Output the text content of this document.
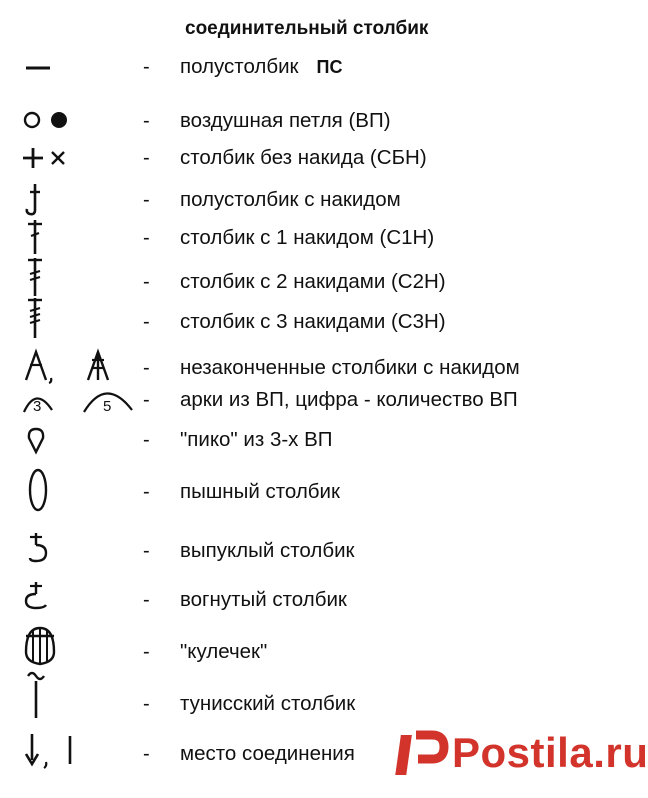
соединительный столбик
- полустолбик ПС
- воздушная петля (ВП)
- столбик без накида (СБН)
- полустолбик с накидом
- столбик с 1 накидом (С1Н)
- столбик с 2 накидами (С2Н)
- столбик с 3 накидами (С3Н)
- незаконченные столбики с накидом
3	5 - арки из ВП, цифра - количество ВП
- "пико" из 3-х ВП
- пышный столбик
- выпуклый столбик
- вогнутый столбик
- "кулечек"
- тунисский столбик
- место соединения Postila.ru
